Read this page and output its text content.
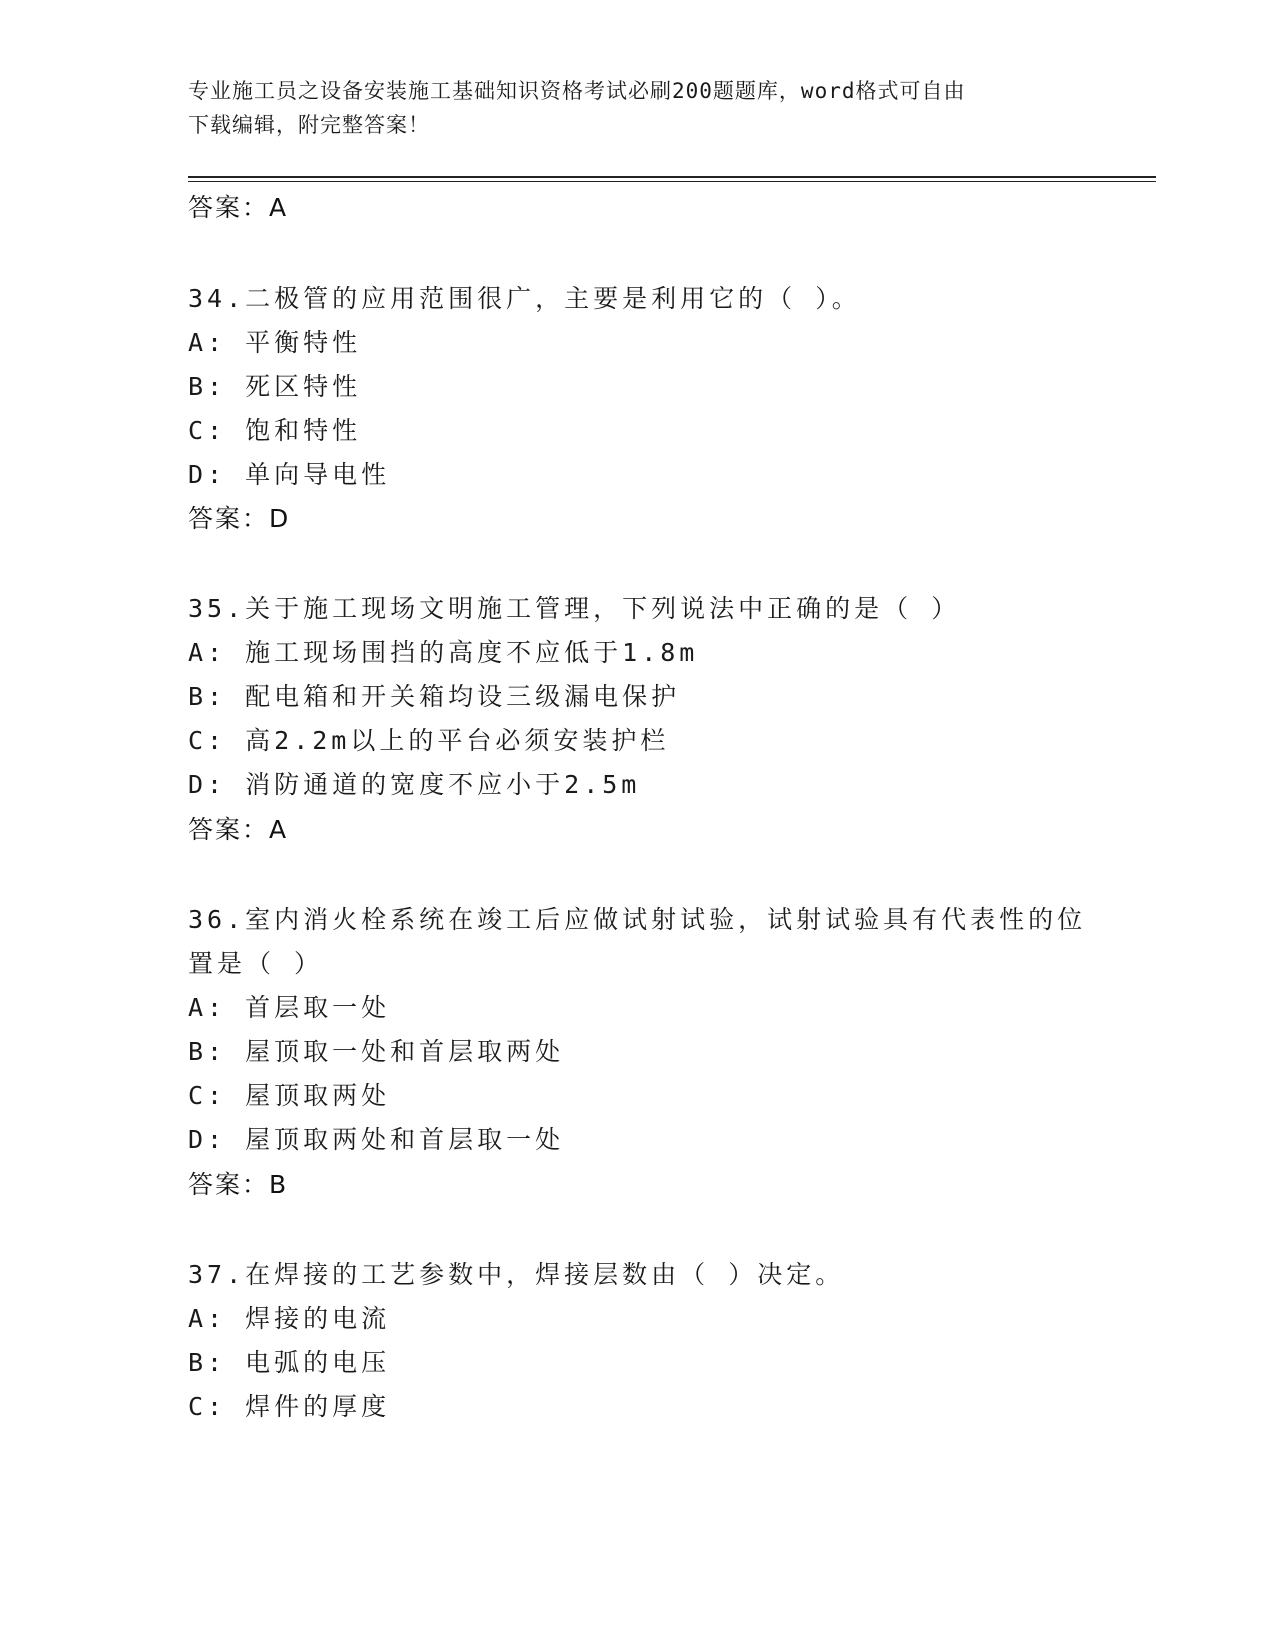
专业施工员之设备安装施工基础知识资格考试必刷200题题库，word格式可自由
下载编辑，附完整答案！
答案：A
34.二极管的应用范围很广，主要是利用它的（ ）。
A: 平衡特性
B: 死区特性
C: 饱和特性
D: 单向导电性
答案：D
35.关于施工现场文明施工管理，下列说法中正确的是（ ）
A: 施工现场围挡的高度不应低于1.8m
B: 配电箱和开关箱均设三级漏电保护
C: 高2.2m以上的平台必须安装护栏
D: 消防通道的宽度不应小于2.5m
答案：A
36.室内消火栓系统在竣工后应做试射试验，试射试验具有代表性的位
置是（ ）
A: 首层取一处
B: 屋顶取一处和首层取两处
C: 屋顶取两处
D: 屋顶取两处和首层取一处
答案：B
37.在焊接的工艺参数中，焊接层数由（ ）决定。
A: 焊接的电流
B: 电弧的电压
C: 焊件的厚度
